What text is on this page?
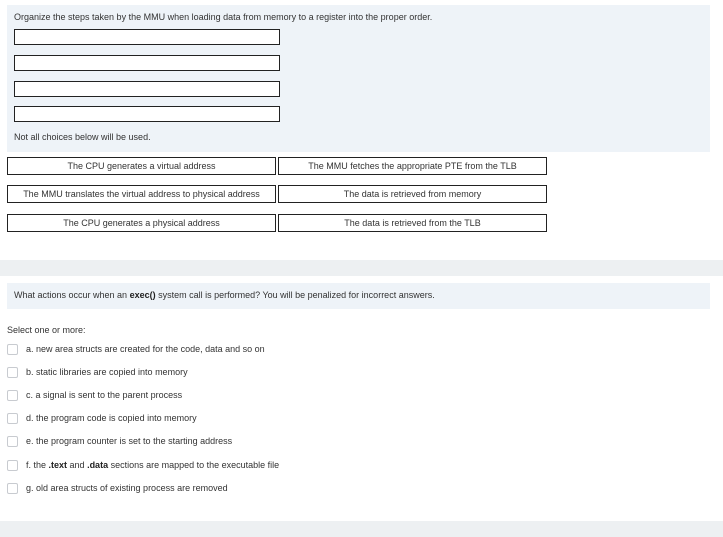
Organize the steps taken by the MMU when loading data from memory to a register into the proper order.
Not all choices below will be used.
The CPU generates a virtual address	The MMU fetches the appropriate PTE from the TLB
The MMU translates the virtual address to physical address	The data is retrieved from memory
The CPU generates a physical address	The data is retrieved from the TLB
What actions occur when an exec() system call is performed? You will be penalized for incorrect answers.
Select one or more:
a. new area structs are created for the code, data and so on
b. static libraries are copied into memory
c. a signal is sent to the parent process
d. the program code is copied into memory
e. the program counter is set to the starting address
f. the .text and .data sections are mapped to the executable file
g. old area structs of existing process are removed
